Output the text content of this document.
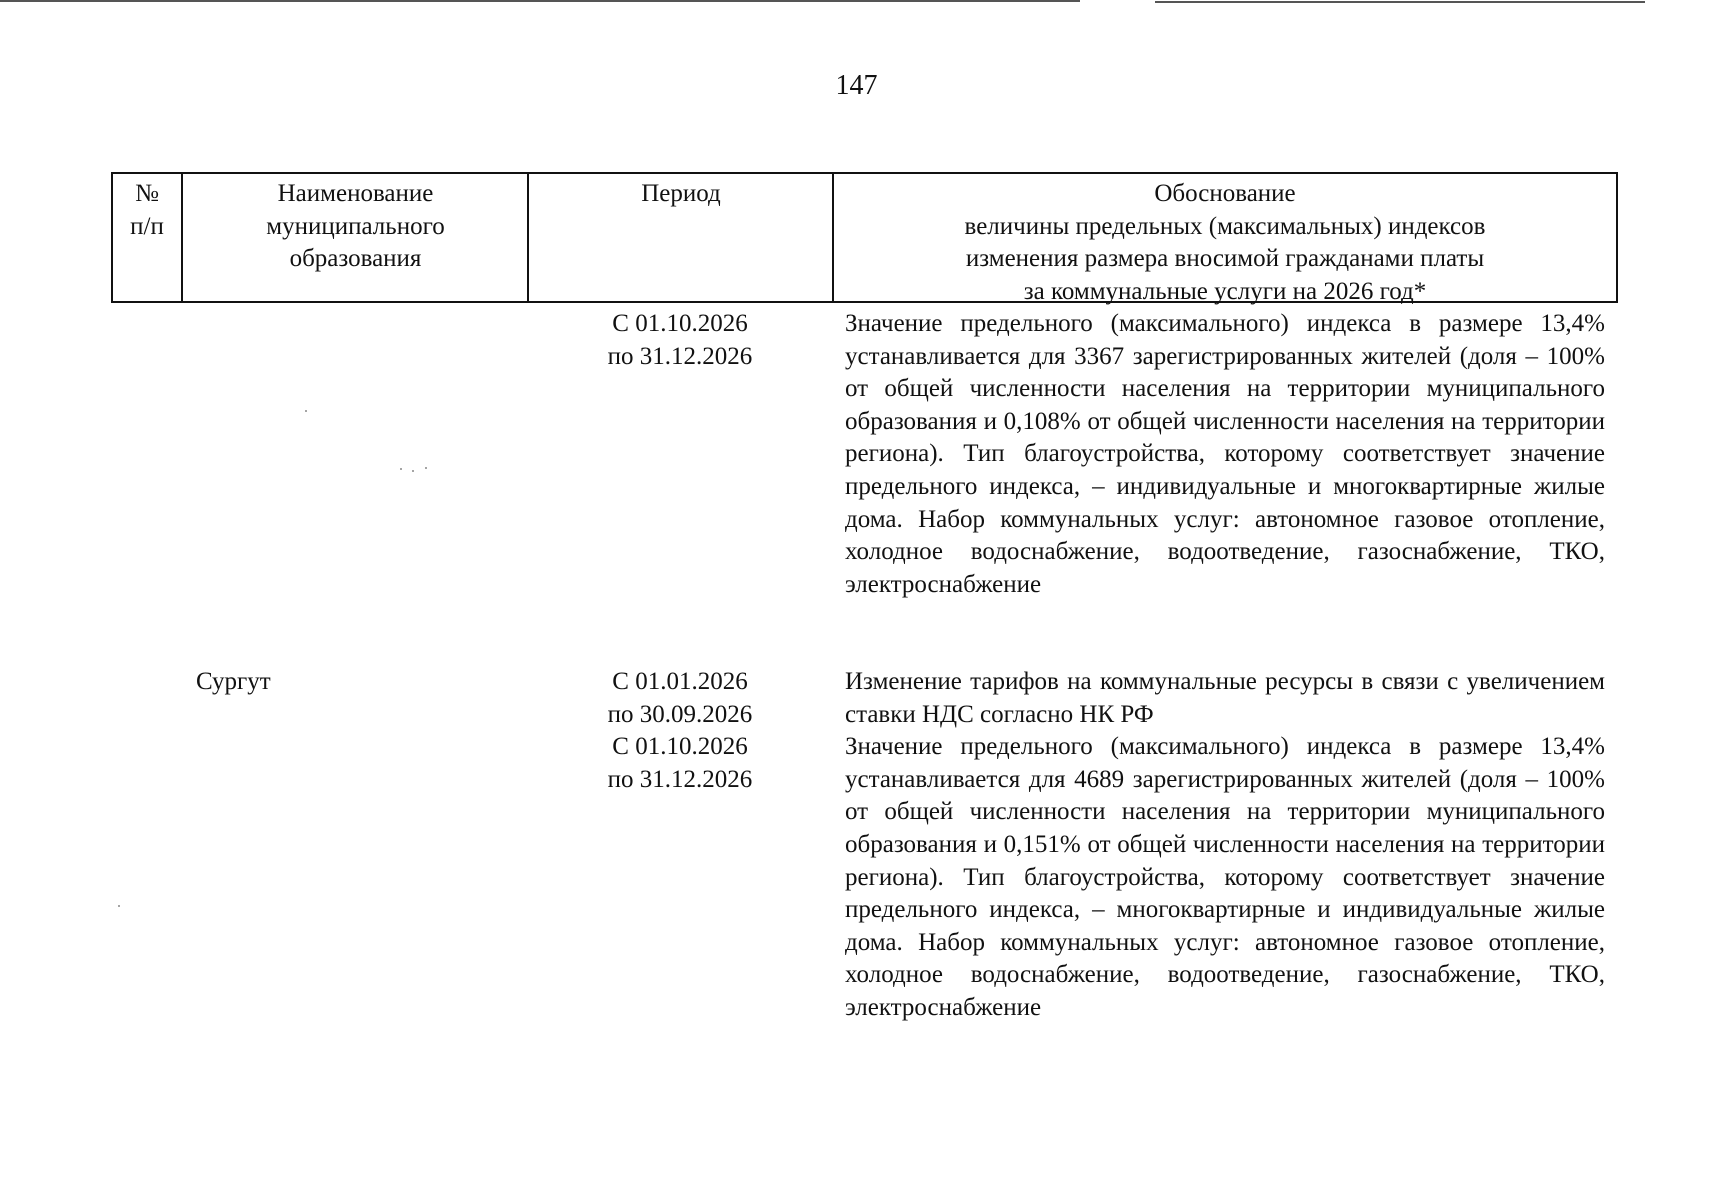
147
№
п/п
Наименование
муниципального
образования
Период	Обоснование
величины предельных (максимальных) индексов
изменения размера вносимой гражданами платы
за коммунальные услуги на 2026 год*
С 01.10.2026
по 31.12.2026
Значение предельного (максимального) индекса в размере 13,4% устанавливается для 3367 зарегистрированных жителей (доля – 100% от общей численности населения на территории муниципального образования и 0,108% от общей численности населения на территории региона). Тип благоустройства, которому соответствует значение предельного индекса, – индивидуальные и многоквартирные жилые дома. Набор коммунальных услуг: автономное газовое отопление, холодное водоснабжение, водоотведение, газоснабжение, ТКО, электроснабжение
Сургут	С 01.01.2026
по 30.09.2026
С 01.10.2026
по 31.12.2026
Изменение тарифов на коммунальные ресурсы в связи с увеличением ставки НДС согласно НК РФ
Значение предельного (максимального) индекса в размере 13,4% устанавливается для 4689 зарегистрированных жителей (доля – 100% от общей численности населения на территории муниципального образования и 0,151% от общей численности населения на территории региона). Тип благоустройства, которому соответствует значение предельного индекса, – многоквартирные и индивидуальные жилые дома. Набор коммунальных услуг: автономное газовое отопление, холодное водоснабжение, водоотведение, газоснабжение, ТКО, электроснабжение
